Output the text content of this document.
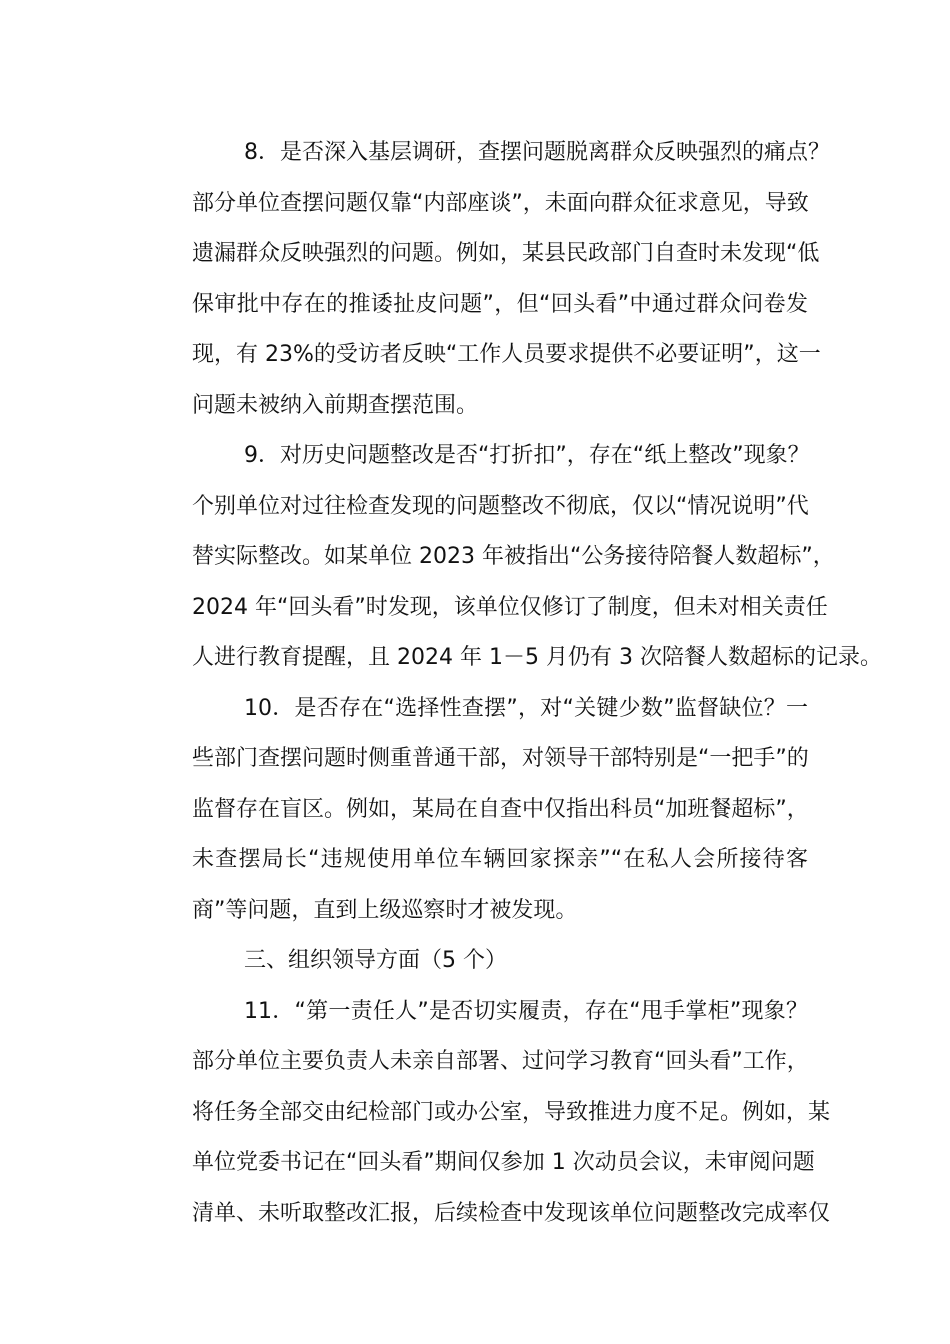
8．是否深入基层调研，查摆问题脱离群众反映强烈的痛点？
部分单位查摆问题仅靠“内部座谈”，未面向群众征求意见，导致
遗漏群众反映强烈的问题。例如，某县民政部门自查时未发现“低
保审批中存在的推诿扯皮问题”，但“回头看”中通过群众问卷发
现，有 23%的受访者反映“工作人员要求提供不必要证明”，这一
问题未被纳入前期查摆范围。
9．对历史问题整改是否“打折扣”，存在“纸上整改”现象？
个别单位对过往检查发现的问题整改不彻底，仅以“情况说明”代
替实际整改。如某单位 2023 年被指出“公务接待陪餐人数超标”，
2024 年“回头看”时发现，该单位仅修订了制度，但未对相关责任
人进行教育提醒，且 2024 年 1－5 月仍有 3 次陪餐人数超标的记录。
10．是否存在“选择性查摆”，对“关键少数”监督缺位？一
些部门查摆问题时侧重普通干部，对领导干部特别是“一把手”的
监督存在盲区。例如，某局在自查中仅指出科员“加班餐超标”，
未查摆局长“违规使用单位车辆回家探亲”“在私人会所接待客
商”等问题，直到上级巡察时才被发现。
三、组织领导方面（5 个）
11．“第一责任人”是否切实履责，存在“甩手掌柜”现象？
部分单位主要负责人未亲自部署、过问学习教育“回头看”工作，
将任务全部交由纪检部门或办公室，导致推进力度不足。例如，某
单位党委书记在“回头看”期间仅参加 1 次动员会议，未审阅问题
清单、未听取整改汇报，后续检查中发现该单位问题整改完成率仅
